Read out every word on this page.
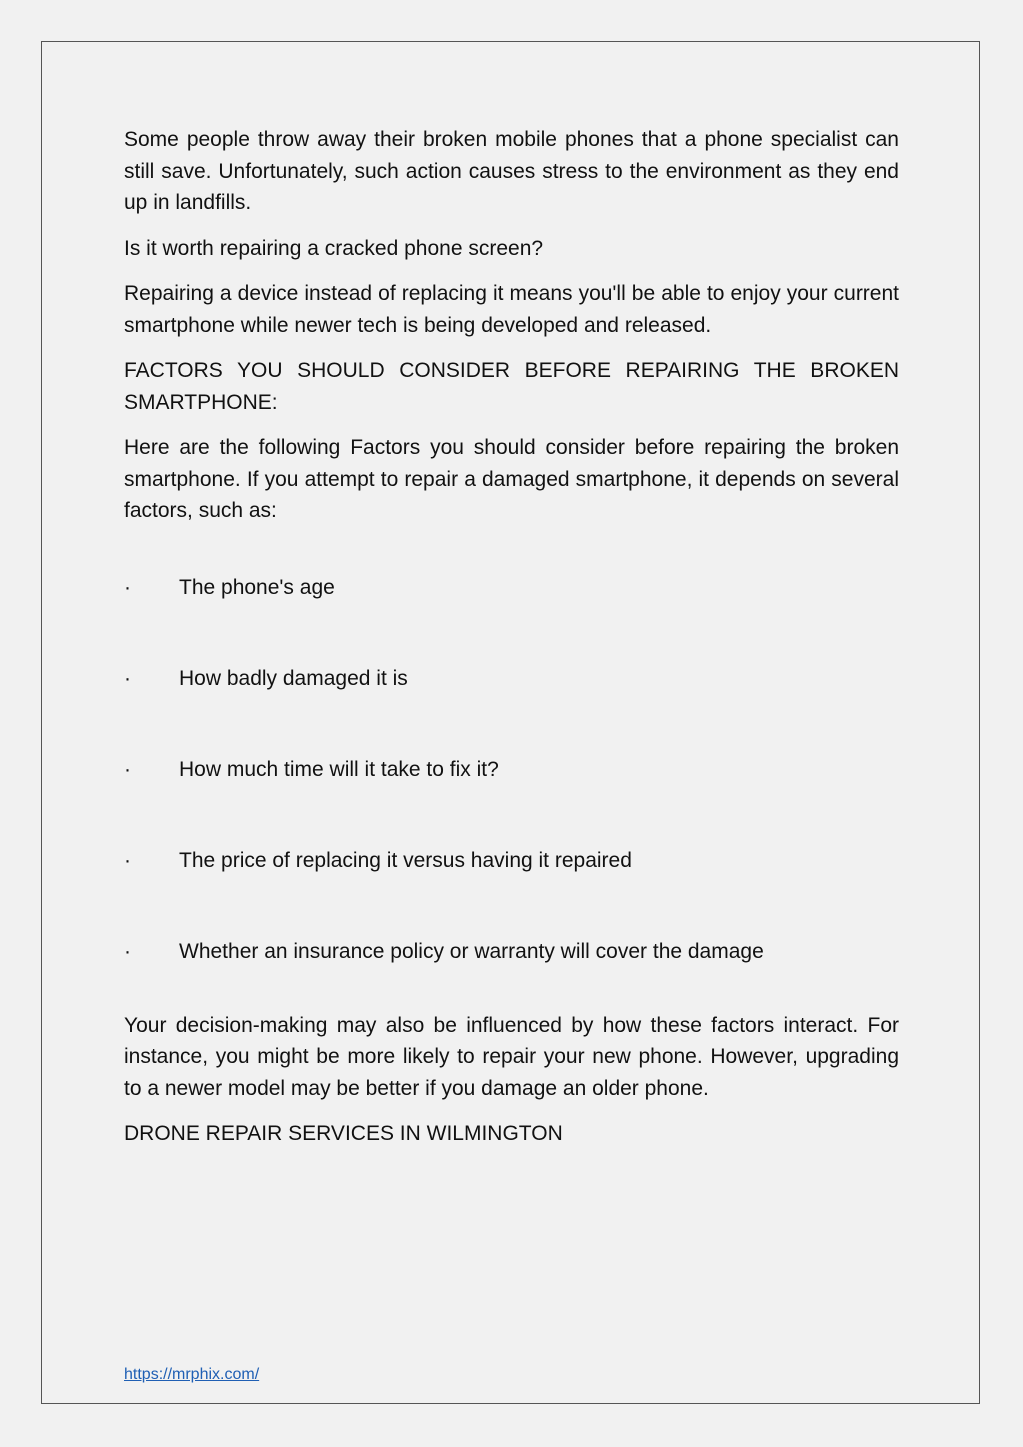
Some people throw away their broken mobile phones that a phone specialist can still save. Unfortunately, such action causes stress to the environment as they end up in landfills.

Is it worth repairing a cracked phone screen?

Repairing a device instead of replacing it means you'll be able to enjoy your current smartphone while newer tech is being developed and released.

FACTORS YOU SHOULD CONSIDER BEFORE REPAIRING THE BROKEN SMARTPHONE:

Here are the following Factors you should consider before repairing the broken smartphone. If you attempt to repair a damaged smartphone, it depends on several factors, such as:

· The phone's age
· How badly damaged it is
· How much time will it take to fix it?
· The price of replacing it versus having it repaired
· Whether an insurance policy or warranty will cover the damage

Your decision-making may also be influenced by how these factors interact. For instance, you might be more likely to repair your new phone. However, upgrading to a newer model may be better if you damage an older phone.

DRONE REPAIR SERVICES IN WILMINGTON

https://mrphix.com/
